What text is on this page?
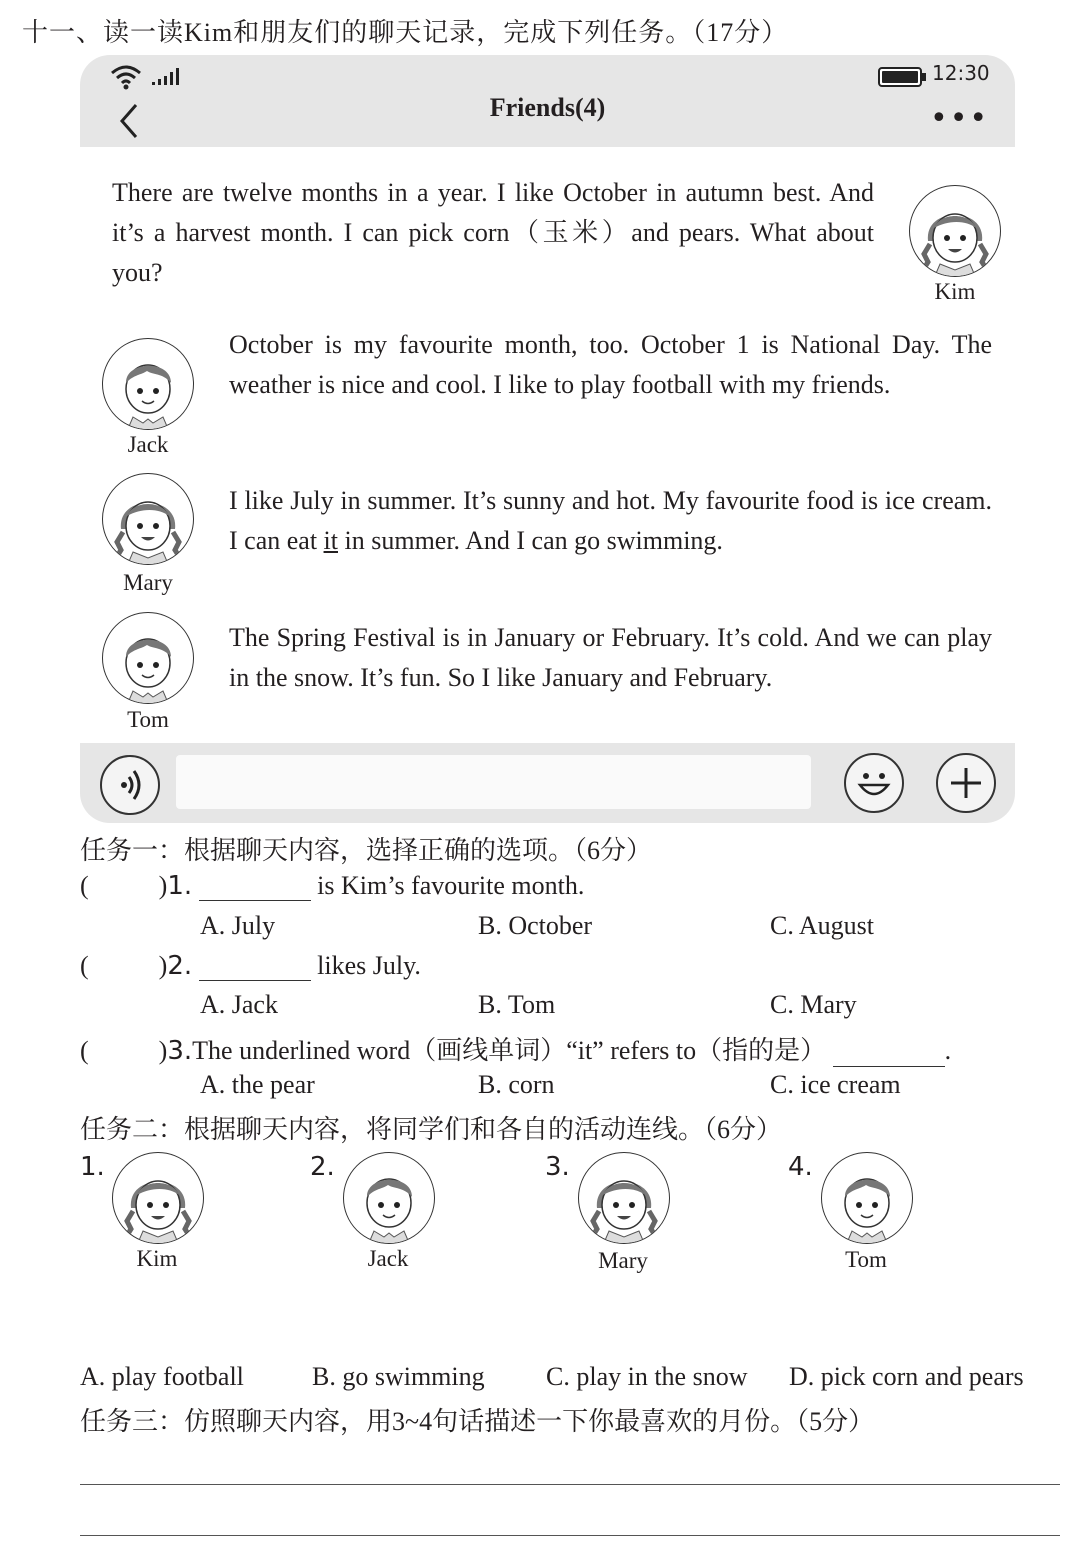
十一、读一读Kim和朋友们的聊天记录，完成下列任务。（17分）
12:30
Friends(4)	•••
There are twelve months in a year. I like October in autumn best. And it’s a harvest month. I can pick corn（玉米）and pears. What about you?
Kim
Jack
October is my favourite month, too. October 1 is National Day. The weather is nice and cool. I like to play football with my friends.
Mary
I like July in summer. It’s sunny and hot. My favourite food is ice cream. I can eat it in summer. And I can go swimming.
Tom
The Spring Festival is in January or February. It’s cold. And we can play in the snow. It’s fun. So I like January and February.
任务一：根据聊天内容，选择正确的选项。（6分）
(	)1.	is Kim’s favourite month.
A. July	B. October	C. August
(	)2.	likes July.
A. Jack	B. Tom	C. Mary
(	)3.The underlined word（画线单词）“it” refers to（指的是）	.
A. the pear	B. corn	C. ice cream
任务二：根据聊天内容，将同学们和各自的活动连线。（6分）
1.
Kim
2.
Jack
3.
Mary
4.
Tom
A. play football	B. go swimming C. play in the snow D. pick corn and pears
任务三：仿照聊天内容，用3~4句话描述一下你最喜欢的月份。（5分）
